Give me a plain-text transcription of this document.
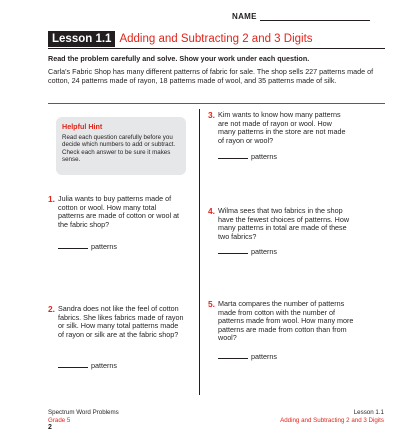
$^{NAME}$
Lesson 1.1 Adding and Subtracting 2 and 3 Digits
Read the problem carefully and solve. Show your work under each question.
Carla's Fabric Shop has many different patterns of fabric for sale. The shop sells 227 patterns made of cotton, 24 patterns made of rayon, 18 patterns made of wool, and 35 patterns made of silk.
Helpful Hint
Read each question carefully before you decide which numbers to add or subtract. Check each answer to be sure it makes sense.
1. Julia wants to buy patterns made of cotton or wool. How many total patterns are made of cotton or wool at the fabric shop?
patterns
2. Sandra does not like the feel of cotton fabrics. She likes fabrics made of rayon or silk. How many total patterns made of rayon or silk are at the fabric shop?
patterns
3. Kim wants to know how many patterns are not made of rayon or wool. How many patterns in the store are not made of rayon or wool?
patterns
4. Wilma sees that two fabrics in the shop have the fewest choices of patterns. How many patterns in total are made of these two fabrics?
patterns
5. Marta compares the number of patterns made from cotton with the number of patterns made from wool. How many more patterns are made from cotton than from wool?
patterns
Spectrum Word Problems
Grade 5
2
Lesson 1.1
Adding and Subtracting 2 and 3 Digits
